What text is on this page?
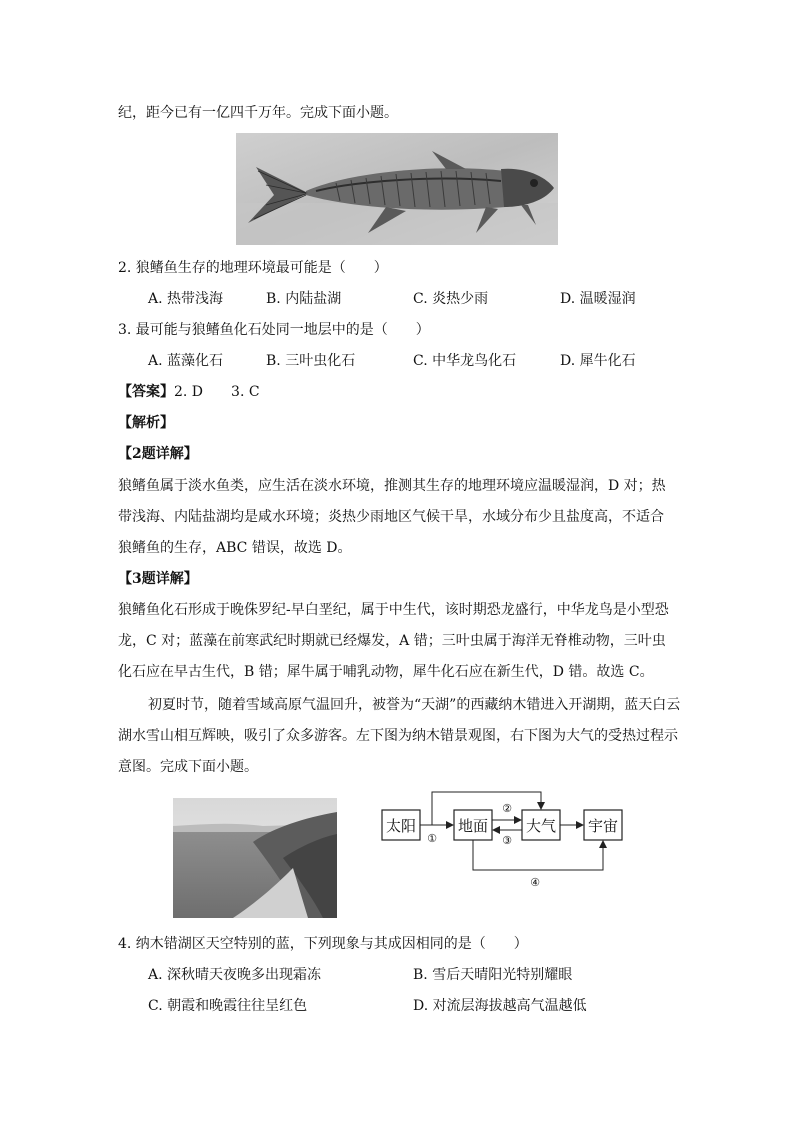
纪，距今已有一亿四千万年。完成下面小题。
2. 狼鳍鱼生存的地理环境最可能是（　　）
A. 热带浅海	B. 内陆盐湖	C. 炎热少雨	D. 温暖湿润
3. 最可能与狼鳍鱼化石处同一地层中的是（　　）
A. 蓝藻化石	B. 三叶虫化石	C. 中华龙鸟化石	D. 犀牛化石
【答案】2. D　　3. C
【解析】
【2题详解】
狼鳍鱼属于淡水鱼类，应生活在淡水环境，推测其生存的地理环境应温暖湿润，D 对；热
带浅海、内陆盐湖均是咸水环境；炎热少雨地区气候干旱，水域分布少且盐度高，不适合
狼鳍鱼的生存，ABC 错误，故选 D。
【3题详解】
狼鳍鱼化石形成于晚侏罗纪-早白垩纪，属于中生代，该时期恐龙盛行，中华龙鸟是小型恐
龙，C 对；蓝藻在前寒武纪时期就已经爆发，A 错；三叶虫属于海洋无脊椎动物，三叶虫
化石应在早古生代，B 错；犀牛属于哺乳动物，犀牛化石应在新生代，D 错。故选 C。
初夏时节，随着雪域高原气温回升，被誉为“天湖”的西藏纳木错进入开湖期，蓝天白云
湖水雪山相互辉映，吸引了众多游客。左下图为纳木错景观图，右下图为大气的受热过程示
意图。完成下面小题。
太阳	地面	大气 宇宙
①
②
③
④
4. 纳木错湖区天空特别的蓝，下列现象与其成因相同的是（　　）
A. 深秋晴天夜晚多出现霜冻	B. 雪后天晴阳光特别耀眼
C. 朝霞和晚霞往往呈红色	D. 对流层海拔越高气温越低
